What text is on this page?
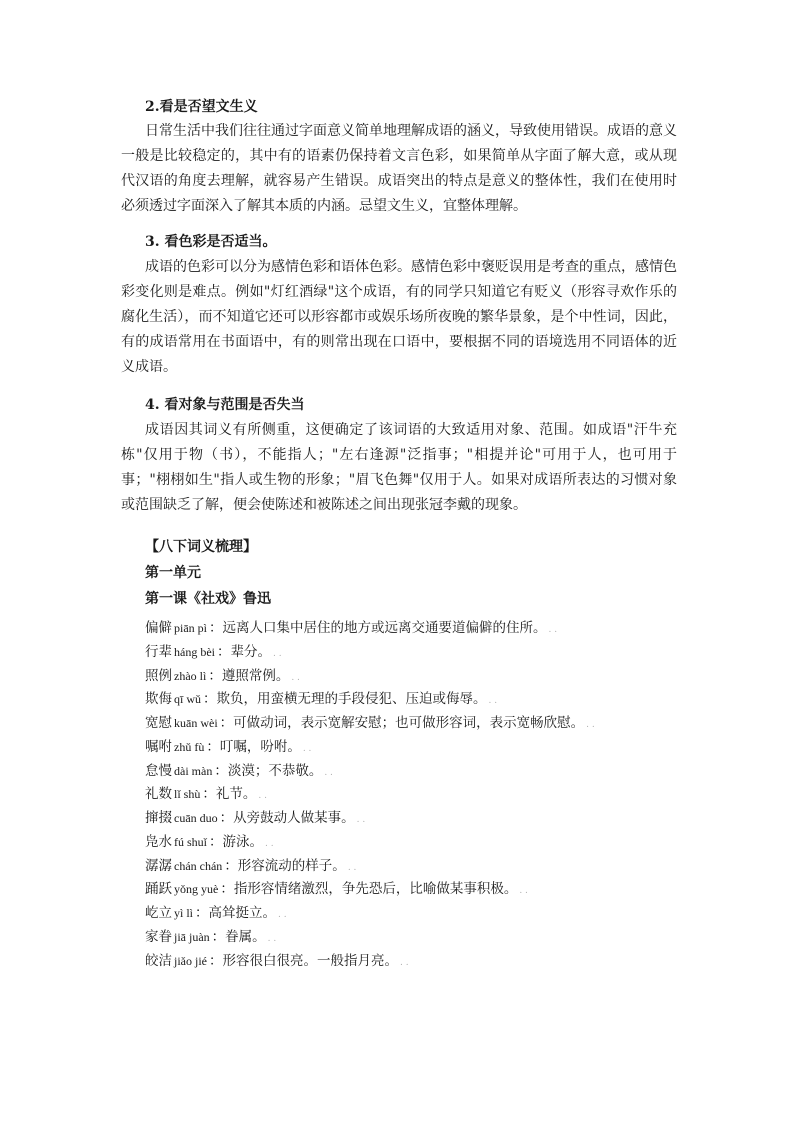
2.看是否望文生义
日常生活中我们往往通过字面意义简单地理解成语的涵义，导致使用错误。成语的意义一般是比较稳定的，其中有的语素仍保持着文言色彩，如果简单从字面了解大意，或从现代汉语的角度去理解，就容易产生错误。成语突出的特点是意义的整体性，我们在使用时必须透过字面深入了解其本质的内涵。忌望文生义，宜整体理解。
3. 看色彩是否适当。
成语的色彩可以分为感情色彩和语体色彩。感情色彩中褒贬误用是考查的重点，感情色彩变化则是难点。例如"灯红酒绿"这个成语，有的同学只知道它有贬义（形容寻欢作乐的腐化生活），而不知道它还可以形容都市或娱乐场所夜晚的繁华景象，是个中性词，因此，有的成语常用在书面语中，有的则常出现在口语中，要根据不同的语境选用不同语体的近义成语。
4. 看对象与范围是否失当
成语因其词义有所侧重，这便确定了该词语的大致适用对象、范围。如成语"汗牛充栋"仅用于物（书），不能指人；"左右逢源"泛指事；"相提并论"可用于人，也可用于事；"栩栩如生"指人或生物的形象；"眉飞色舞"仅用于人。如果对成语所表达的习惯对象或范围缺乏了解，便会使陈述和被陈述之间出现张冠李戴的现象。
【八下词义梳理】
第一单元
第一课《社戏》鲁迅
偏僻 piān pì ：远离人口集中居住的地方或远离交通要道偏僻的住所。 . .
行辈 háng bèi ：辈分。 . .
照例 zhào lì ：遵照常例。 . .
欺侮 qī wǔ ：欺负，用蛮横无理的手段侵犯、压迫或侮辱。 . .
宽慰 kuān wèi ：可做动词，表示宽解安慰；也可做形容词，表示宽畅欣慰。 . .
嘱咐 zhǔ fù ：叮嘱，吩咐。 . .
怠慢 dài màn ：淡漠；不恭敬。 . .
礼数 lǐ shù ：礼节。 . .
撺掇 cuān duo ：从旁鼓动人做某事。 . .
凫水 fú shuǐ ：游泳。 . .
潺潺 chán chán ：形容流动的样子。 . .
踊跃 yǒng yuè ：指形容情绪激烈，争先恐后，比喻做某事积极。 . .
屹立 yì lì ：高耸挺立。 . .
家眷 jiā juàn ：眷属。 . .
皎洁 jiǎo jié ：形容很白很亮。一般指月亮。 . .
